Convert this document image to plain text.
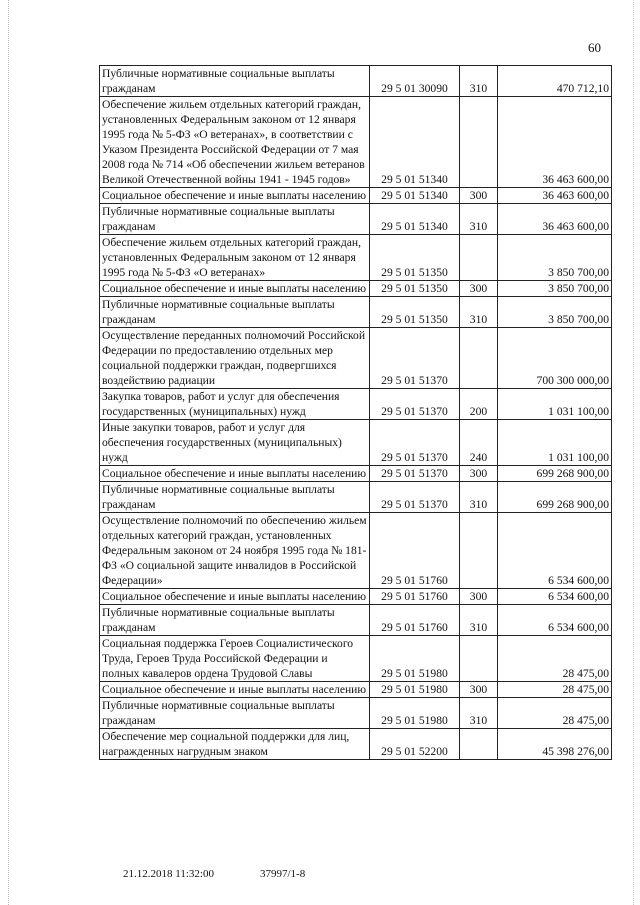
60
Публичные нормативные социальные выплаты гражданам	29 5 01 30090	310	470 712,10
Обеспечение жильем отдельных категорий граждан, установленных Федеральным законом от 12 января 1995 года № 5-ФЗ «О ветеранах», в соответствии с Указом Президента Российской Федерации от 7 мая 2008 года № 714 «Об обеспечении жильем ветеранов Великой Отечественной войны 1941 - 1945 годов»	29 5 01 51340		36 463 600,00
Социальное обеспечение и иные выплаты населению	29 5 01 51340	300	36 463 600,00
Публичные нормативные социальные выплаты гражданам	29 5 01 51340	310	36 463 600,00
Обеспечение жильем отдельных категорий граждан, установленных Федеральным законом от 12 января 1995 года № 5-ФЗ «О ветеранах»	29 5 01 51350		3 850 700,00
Социальное обеспечение и иные выплаты населению	29 5 01 51350	300	3 850 700,00
Публичные нормативные социальные выплаты гражданам	29 5 01 51350	310	3 850 700,00
Осуществление переданных полномочий Российской Федерации по предоставлению отдельных мер социальной поддержки граждан, подвергшихся воздействию радиации	29 5 01 51370		700 300 000,00
Закупка товаров, работ и услуг для обеспечения государственных (муниципальных) нужд	29 5 01 51370	200	1 031 100,00
Иные закупки товаров, работ и услуг для обеспечения государственных (муниципальных) нужд	29 5 01 51370	240	1 031 100,00
Социальное обеспечение и иные выплаты населению	29 5 01 51370	300	699 268 900,00
Публичные нормативные социальные выплаты гражданам	29 5 01 51370	310	699 268 900,00
Осуществление полномочий по обеспечению жильем отдельных категорий граждан, установленных Федеральным законом от 24 ноября 1995 года № 181-ФЗ «О социальной защите инвалидов в Российской Федерации»	29 5 01 51760		6 534 600,00
Социальное обеспечение и иные выплаты населению	29 5 01 51760	300	6 534 600,00
Публичные нормативные социальные выплаты гражданам	29 5 01 51760	310	6 534 600,00
Социальная поддержка Героев Социалистического Труда, Героев Труда Российской Федерации и полных кавалеров ордена Трудовой Славы	29 5 01 51980		28 475,00
Социальное обеспечение и иные выплаты населению	29 5 01 51980	300	28 475,00
Публичные нормативные социальные выплаты гражданам	29 5 01 51980	310	28 475,00
Обеспечение мер социальной поддержки для лиц, награжденных нагрудным знаком	29 5 01 52200		45 398 276,00
21.12.2018 11:32:00	37997/1-8
